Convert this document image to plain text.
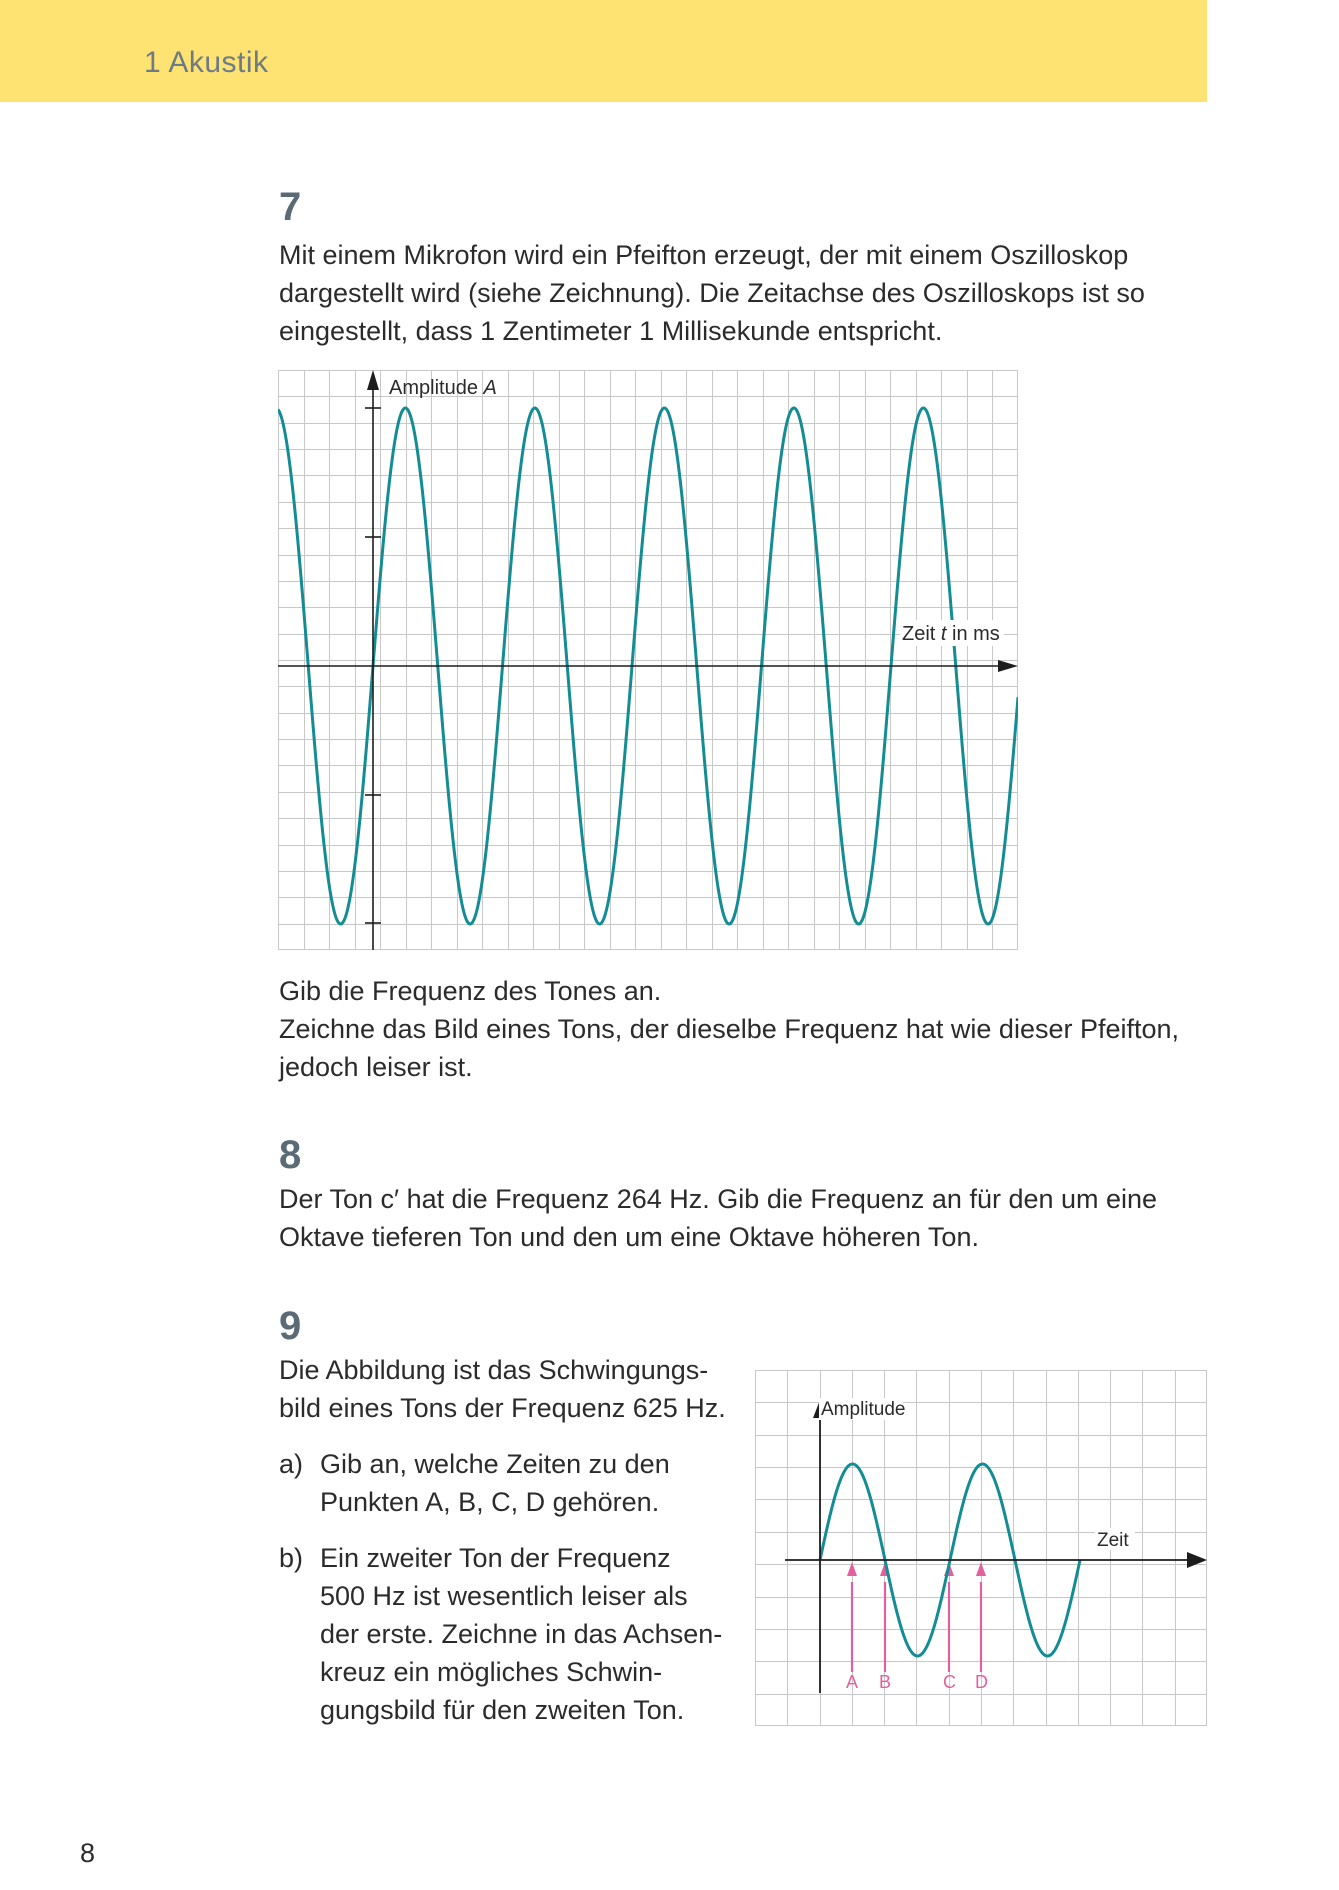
1 Akustik
7

Mit einem Mikrofon wird ein Pfeifton erzeugt, der mit einem Oszilloskop

dargestellt wird (siehe Zeichnung). Die Zeitachse des Oszilloskops ist so

eingestellt, dass 1 Zentimeter 1 Millisekunde entspricht.

Amplitude A
Zeit t in ms

Gib die Frequenz des Tones an.

Zeichne das Bild eines Tons, der dieselbe Frequenz hat wie dieser Pfeifton,

jedoch leiser ist.

8

Der Ton c′ hat die Frequenz 264 Hz. Gib die Frequenz an für den um eine

Oktave tieferen Ton und den um eine Oktave höheren Ton.

9

Die Abbildung ist das Schwingungs-

bild eines Tons der Frequenz 625 Hz.

a) Gib an, welche Zeiten zu den
Punkten A, B, C, D gehören.
b) Ein zweiter Ton der Frequenz
500 Hz ist wesentlich leiser als
der erste. Zeichne in das Achsen-
kreuz ein mögliches Schwin-
gungsbild für den zweiten Ton.
Amplitude
Zeit
A B	C D
8
